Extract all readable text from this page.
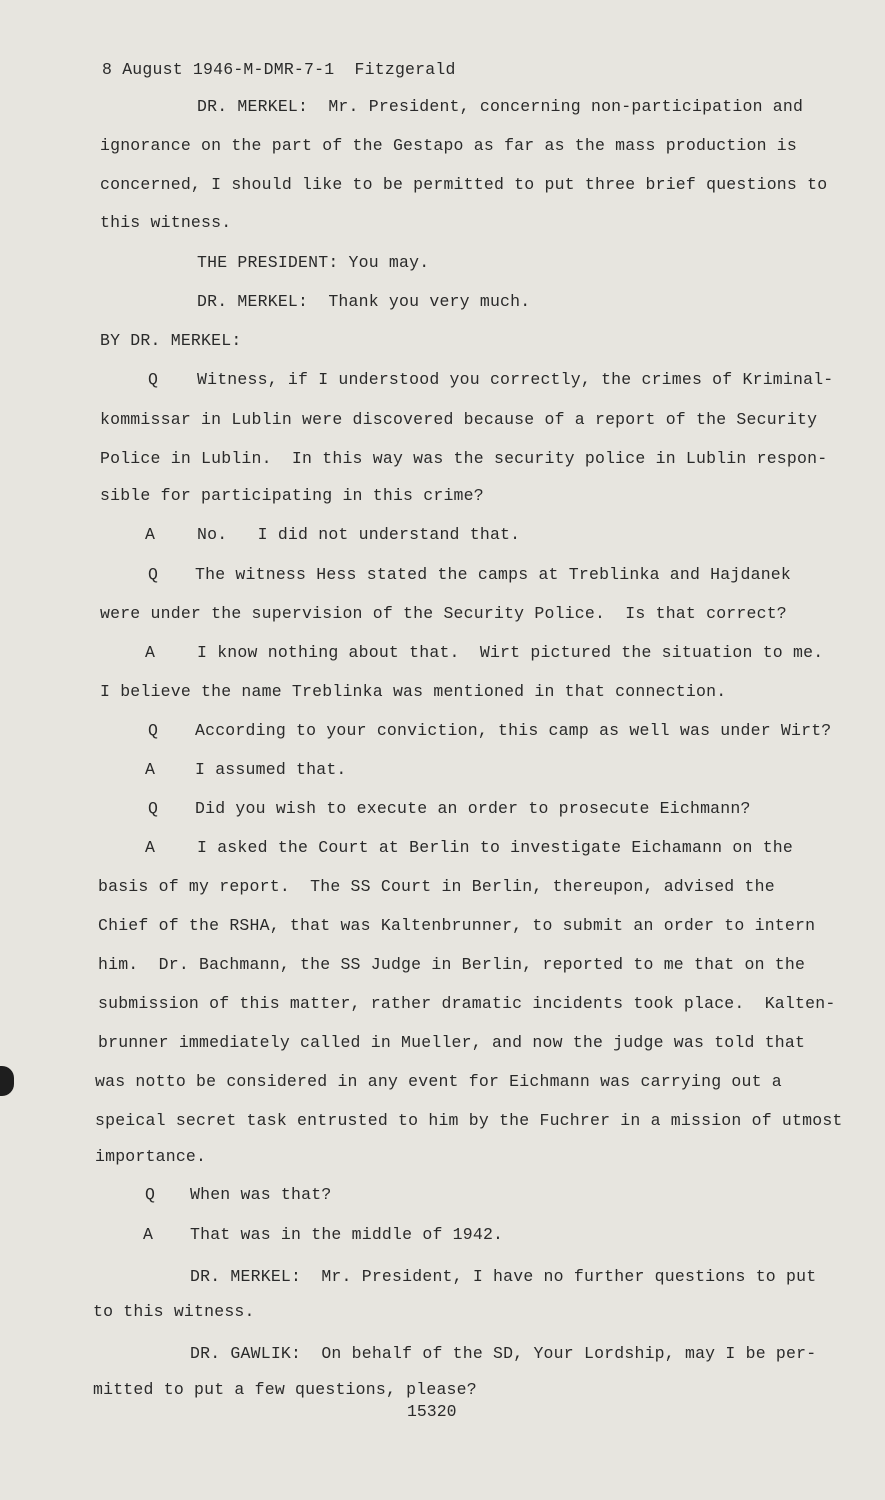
8 August 1946-M-DMR-7-1  Fitzgerald
DR. MERKEL:  Mr. President, concerning non-participation and
ignorance on the part of the Gestapo as far as the mass production is
concerned, I should like to be permitted to put three brief questions to
this witness.
THE PRESIDENT: You may.
DR. MERKEL:  Thank you very much.
BY DR. MERKEL:
Q Witness, if I understood you correctly, the crimes of Kriminal-
kommissar in Lublin were discovered because of a report of the Security
Police in Lublin.  In this way was the security police in Lublin respon-
sible for participating in this crime?
A	No.   I did not understand that.
Q The witness Hess stated the camps at Treblinka and Hajdanek
were under the supervision of the Security Police.  Is that correct?
A	I know nothing about that.  Wirt pictured the situation to me.
I believe the name Treblinka was mentioned in that connection.
Q According to your conviction, this camp as well was under Wirt?
A I assumed that.
Q Did you wish to execute an order to prosecute Eichmann?
A	I asked the Court at Berlin to investigate Eichamann on the
basis of my report.  The SS Court in Berlin, thereupon, advised the
Chief of the RSHA, that was Kaltenbrunner, to submit an order to intern
him.  Dr. Bachmann, the SS Judge in Berlin, reported to me that on the
submission of this matter, rather dramatic incidents took place.  Kalten-
brunner immediately called in Mueller, and now the judge was told that
was notto be considered in any event for Eichmann was carrying out a
speical secret task entrusted to him by the Fuchrer in a mission of utmost
importance.
Q When was that?
A That was in the middle of 1942.
DR. MERKEL:  Mr. President, I have no further questions to put
to this witness.
DR. GAWLIK:  On behalf of the SD, Your Lordship, may I be per-
mitted to put a few questions, please?
15320
